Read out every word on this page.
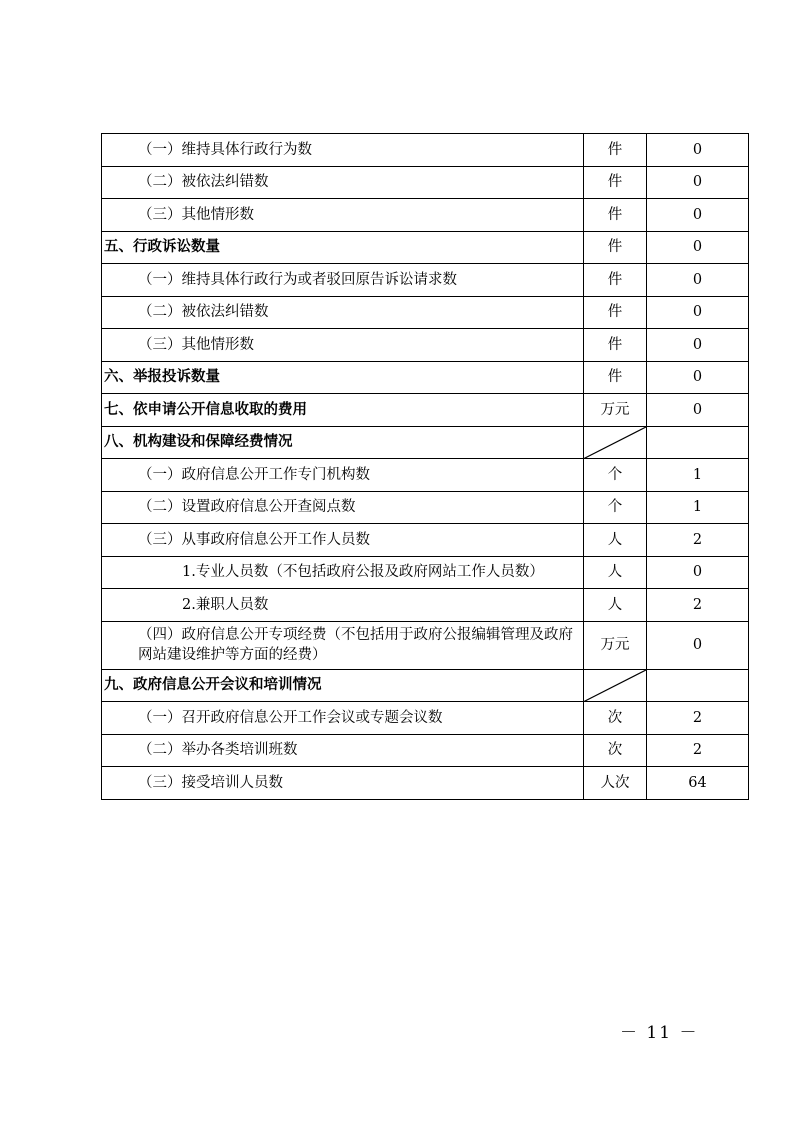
（一）维持具体行政行为数	件	0
（二）被依法纠错数	件	0
（三）其他情形数	件	0
五、行政诉讼数量	件	0
（一）维持具体行政行为或者驳回原告诉讼请求数	件	0
（二）被依法纠错数	件	0
（三）其他情形数	件	0
六、举报投诉数量	件	0
七、依申请公开信息收取的费用	万元	0
八、机构建设和保障经费情况	

（一）政府信息公开工作专门机构数	个	1
（二）设置政府信息公开查阅点数	个	1
（三）从事政府信息公开工作人员数	人	2
1.专业人员数（不包括政府公报及政府网站工作人员数）	人	0
2.兼职人员数	人	2
（四）政府信息公开专项经费（不包括用于政府公报编辑管理及政府网站建设维护等方面的经费）	万元	0
九、政府信息公开会议和培训情况	

（一）召开政府信息公开工作会议或专题会议数	次	2
（二）举办各类培训班数	次	2
（三）接受培训人员数	人次	64
－ 11 －
